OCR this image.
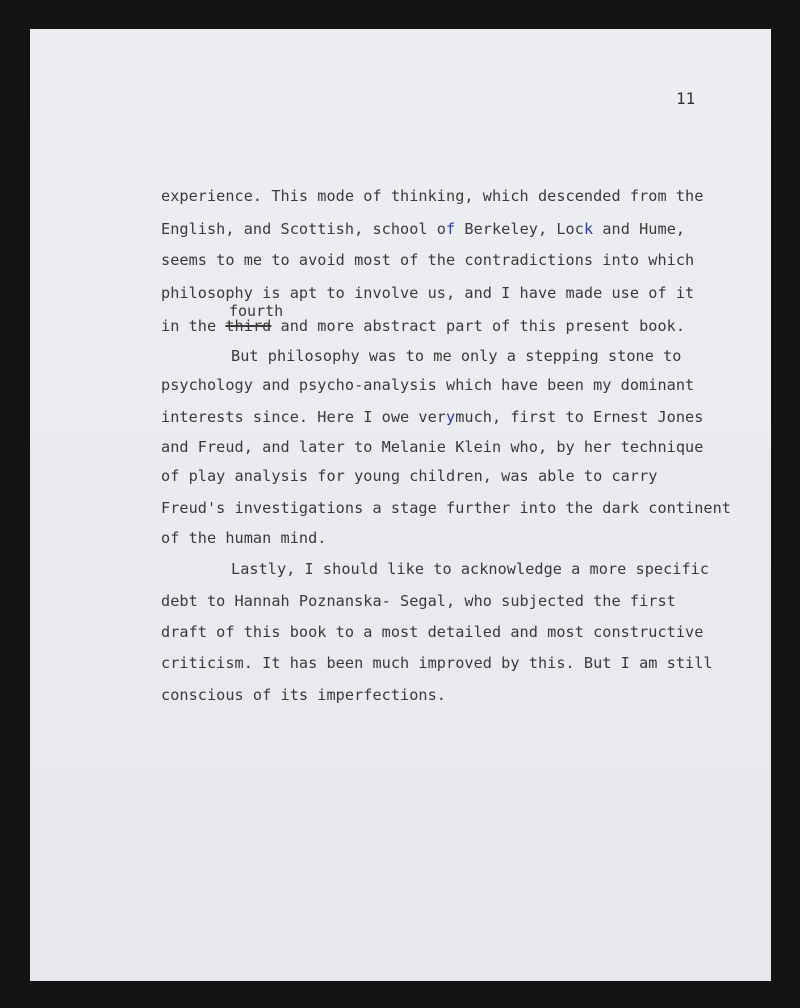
11
experience. This mode of thinking, which descended from the
English, and Scottish, school of Berkeley, Lock and Hume,
seems to me to avoid most of the contradictions into which
philosophy is apt to involve us, and I have made use of it
fourth
in the third and more abstract part of this present book.
But philosophy was to me only a stepping stone to
psychology and psycho-analysis which have been my dominant
interests since. Here I owe verymuch, first to Ernest Jones
and Freud, and later to Melanie Klein who, by her technique
of play analysis for young children, was able to carry
Freud's investigations a stage further into the dark continent
of the human mind.
Lastly, I should like to acknowledge a more specific
debt to Hannah Poznanska- Segal, who subjected the first
draft of this book to a most detailed and most constructive
criticism. It has been much improved by this. But I am still
conscious of its imperfections.
